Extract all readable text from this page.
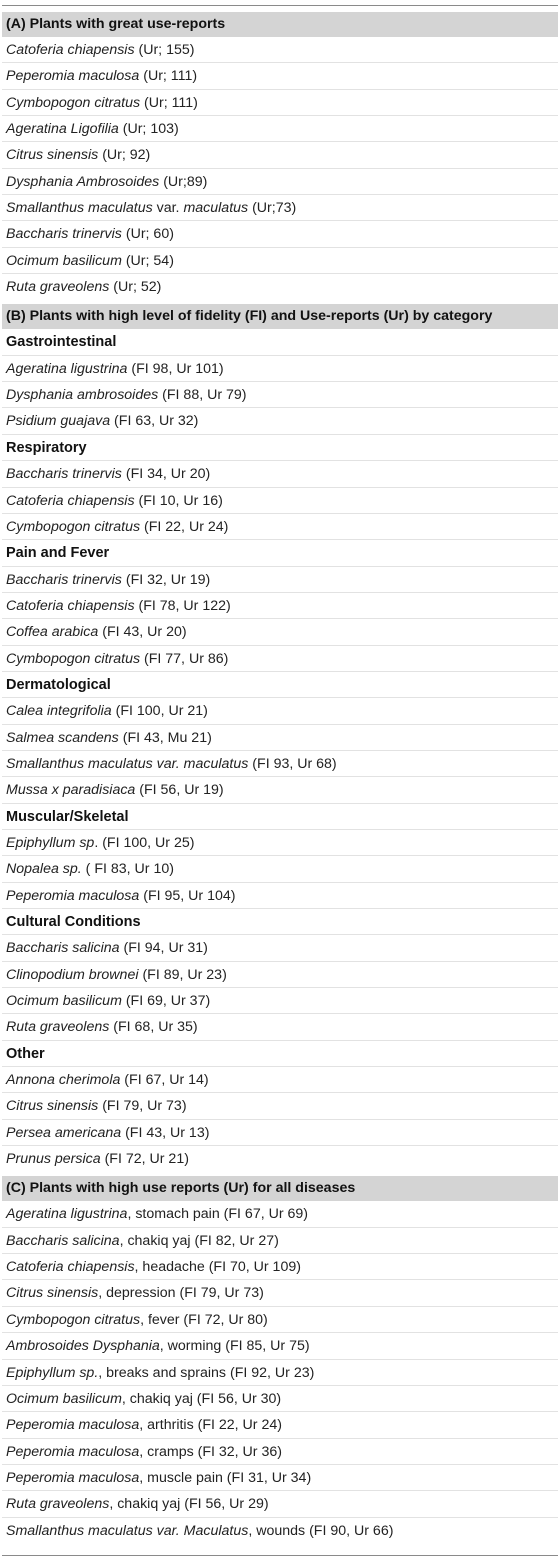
(A) Plants with great use-reports
Catoferia chiapensis (Ur; 155)
Peperomia maculosa (Ur; 111)
Cymbopogon citratus (Ur; 111)
Ageratina Ligofilia (Ur; 103)
Citrus sinensis (Ur; 92)
Dysphania Ambrosoides (Ur;89)
Smallanthus maculatus var. maculatus (Ur;73)
Baccharis trinervis (Ur; 60)
Ocimum basilicum (Ur; 54)
Ruta graveolens (Ur; 52)
(B) Plants with high level of fidelity (FI) and Use-reports (Ur) by category
Gastrointestinal
Ageratina ligustrina (FI 98, Ur 101)
Dysphania ambrosoides (FI 88, Ur 79)
Psidium guajava (FI 63, Ur 32)
Respiratory
Baccharis trinervis (FI 34, Ur 20)
Catoferia chiapensis (FI 10, Ur 16)
Cymbopogon citratus (FI 22, Ur 24)
Pain and Fever
Baccharis trinervis (FI 32, Ur 19)
Catoferia chiapensis (FI 78, Ur 122)
Coffea arabica (FI 43, Ur 20)
Cymbopogon citratus (FI 77, Ur 86)
Dermatological
Calea integrifolia (FI 100, Ur 21)
Salmea scandens (FI 43, Mu 21)
Smallanthus maculatus var. maculatus (FI 93, Ur 68)
Mussa x paradisiaca (FI 56, Ur 19)
Muscular/Skeletal
Epiphyllum sp. (FI 100, Ur 25)
Nopalea sp. ( FI 83, Ur 10)
Peperomia maculosa (FI 95, Ur 104)
Cultural Conditions
Baccharis salicina (FI 94, Ur 31)
Clinopodium brownei (FI 89, Ur 23)
Ocimum basilicum (FI 69, Ur 37)
Ruta graveolens (FI 68, Ur 35)
Other
Annona cherimola (FI 67, Ur 14)
Citrus sinensis (FI 79, Ur 73)
Persea americana (FI 43, Ur 13)
Prunus persica (FI 72, Ur 21)
(C) Plants with high use reports (Ur) for all diseases
Ageratina ligustrina, stomach pain (FI 67, Ur 69)
Baccharis salicina, chakiq yaj (FI 82, Ur 27)
Catoferia chiapensis, headache (FI 70, Ur 109)
Citrus sinensis, depression (FI 79, Ur 73)
Cymbopogon citratus, fever (FI 72, Ur 80)
Ambrosoides Dysphania, worming (FI 85, Ur 75)
Epiphyllum sp., breaks and sprains (FI 92, Ur 23)
Ocimum basilicum, chakiq yaj (FI 56, Ur 30)
Peperomia maculosa, arthritis (FI 22, Ur 24)
Peperomia maculosa, cramps (FI 32, Ur 36)
Peperomia maculosa, muscle pain (FI 31, Ur 34)
Ruta graveolens, chakiq yaj (FI 56, Ur 29)
Smallanthus maculatus var. Maculatus, wounds (FI 90, Ur 66)
